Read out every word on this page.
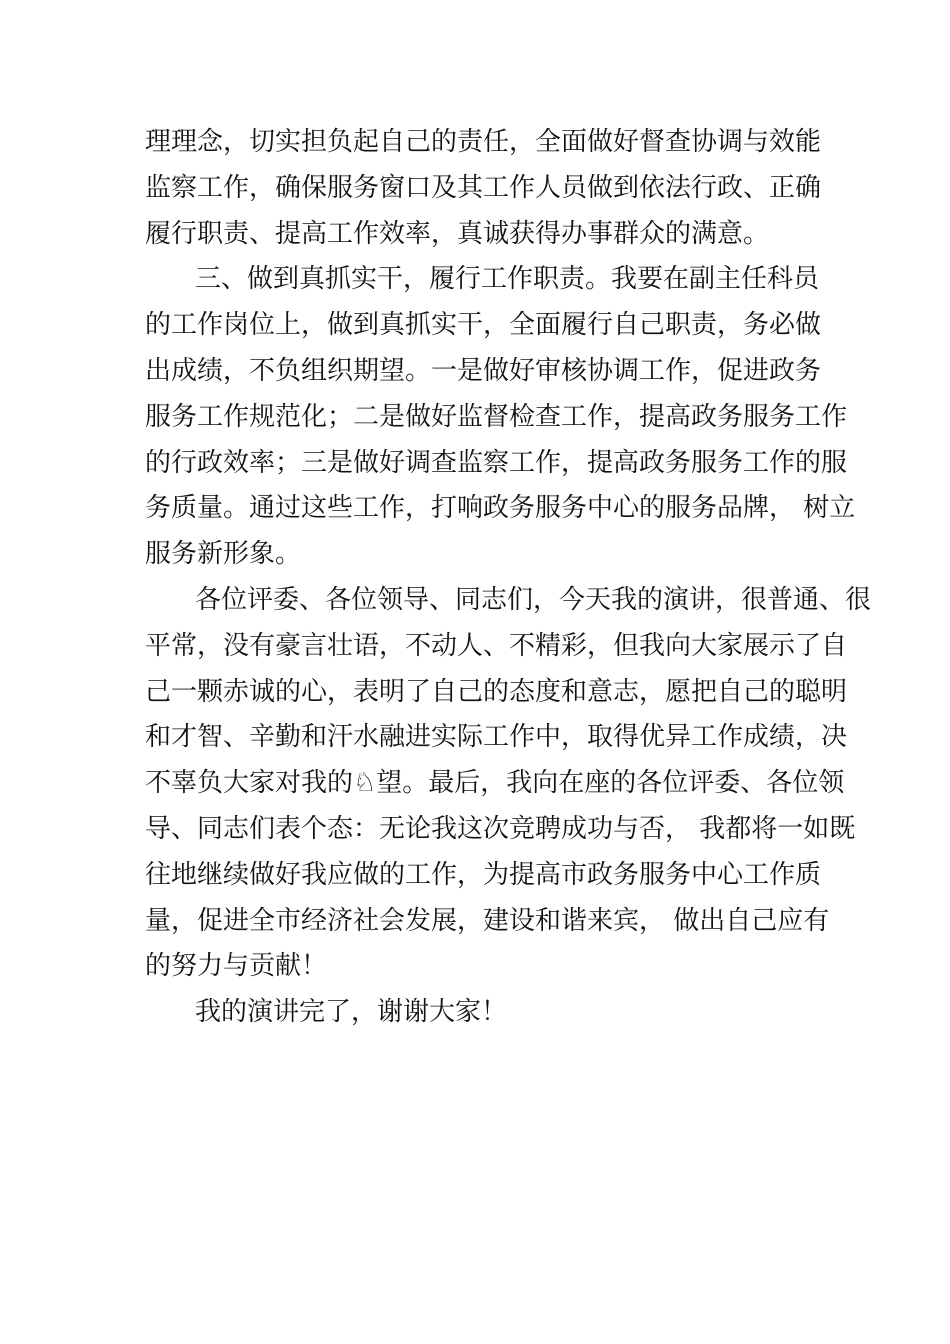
理理念，切实担负起自己的责任，全面做好督查协调与效能
监察工作，确保服务窗口及其工作人员做到依法行政、正确
履行职责、提高工作效率，真诚获得办事群众的满意。
三、做到真抓实干，履行工作职责。我要在副主任科员
的工作岗位上，做到真抓实干，全面履行自己职责，务必做
出成绩，不负组织期望。一是做好审核协调工作，促进政务
服务工作规范化；二是做好监督检查工作，提高政务服务工作
的行政效率；三是做好调查监察工作，提高政务服务工作的服
务质量。通过这些工作，打响政务服务中心的服务品牌， 树立
服务新形象。
各位评委、各位领导、同志们，今天我的演讲，很普通、很
平常，没有豪言壮语，不动人、不精彩，但我向大家展示了自
己一颗赤诚的心，表明了自己的态度和意志，愿把自己的聪明
和才智、辛勤和汗水融进实际工作中，取得优异工作成绩，决
不辜负大家对我的♘望。最后，我向在座的各位评委、各位领
导、同志们表个态：无论我这次竞聘成功与否， 我都将一如既
往地继续做好我应做的工作，为提高市政务服务中心工作质
量，促进全市经济社会发展，建设和谐来宾， 做出自己应有
的努力与贡献！
我的演讲完了，谢谢大家！
